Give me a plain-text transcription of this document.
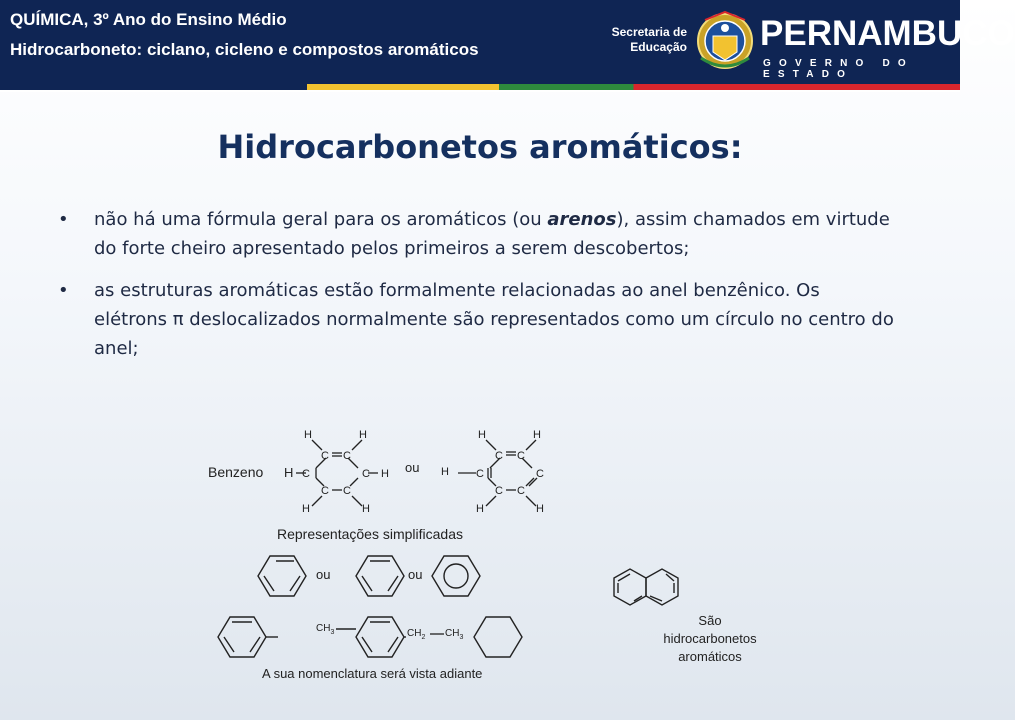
QUÍMICA, 3º Ano do Ensino Médio
Hidrocarboneto: ciclano, cicleno e compostos aromáticos
Secretaria de
Educação PERNAMBUCO
GOVERNO DO ESTADO
Hidrocarbonetos aromáticos:
• não há uma fórmula geral para os aromáticos (ou arenos), assim chamados em virtude do forte cheiro apresentado pelos primeiros a serem descobertos;
• as estruturas aromáticas estão formalmente relacionadas ao anel benzênico. Os elétrons π deslocalizados normalmente são representados como um círculo no centro do anel;
Benzeno H
H	H
C C
C	C H
C C
H	H
ou H
H	H
C C
C	C
C C
H	H
Representações simplificadas
ou	ou
$CH_3$	$CH_2$ $CH_3$
A sua nomenclatura será vista adiante
São
hidrocarbonetos
aromáticos
